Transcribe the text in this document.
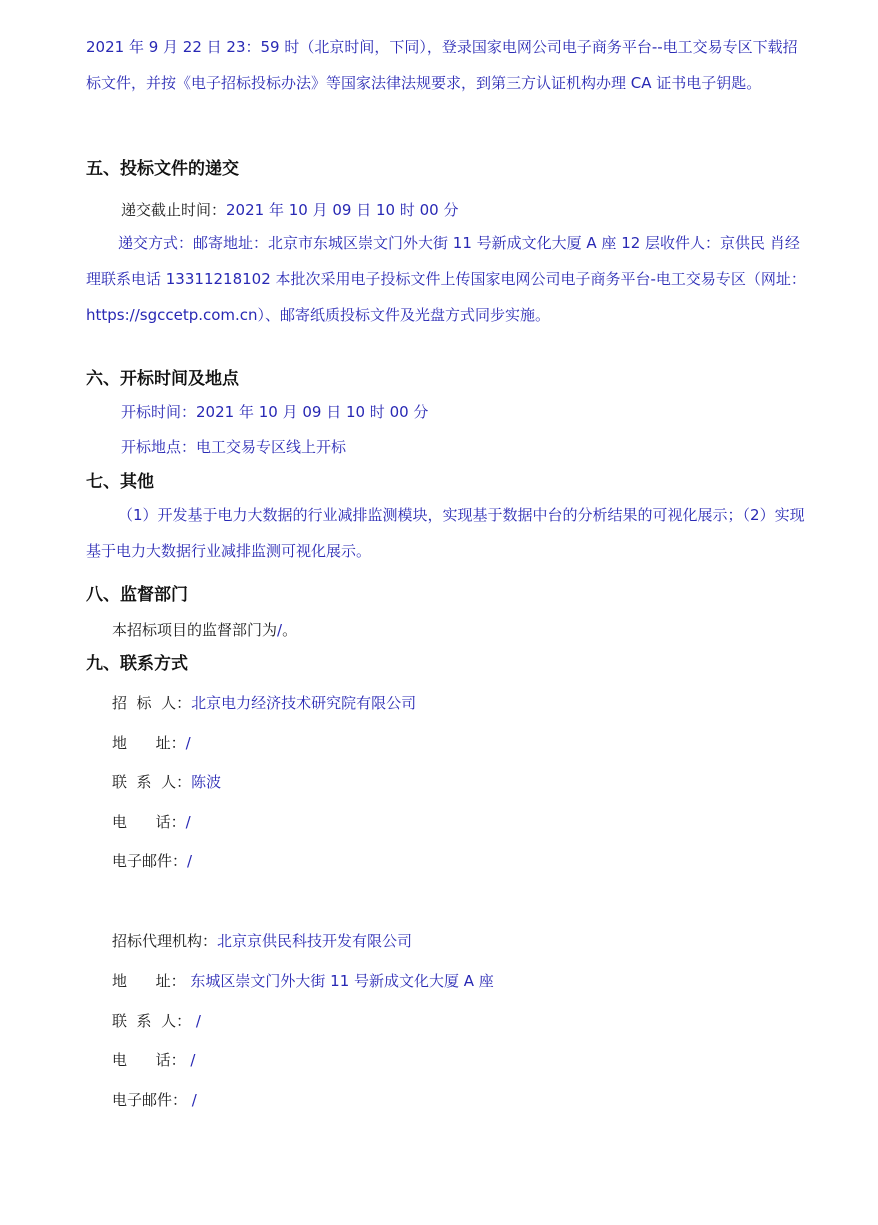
2021 年 9 月 22 日 23：59 时（北京时间，下同），登录国家电网公司电子商务平台--电工交易专区下载招标文件，并按《电子招标投标办法》等国家法律法规要求，到第三方认证机构办理 CA 证书电子钥匙。

五、投标文件的递交
递交截止时间：2021 年 10 月 09 日 10 时 00 分

递交方式：邮寄地址：北京市东城区崇文门外大街 11 号新成文化大厦 A 座 12 层收件人：京供民 肖经理联系电话 13311218102 本批次采用电子投标文件上传国家电网公司电子商务平台-电工交易专区（网址：https://sgccetp.com.cn）、邮寄纸质投标文件及光盘方式同步实施。

六、开标时间及地点
开标时间：2021 年 10 月 09 日 10 时 00 分
开标地点：电工交易专区线上开标
七、其他

（1）开发基于电力大数据的行业减排监测模块，实现基于数据中台的分析结果的可视化展示；（2）实现基于电力大数据行业减排监测可视化展示。

八、监督部门
本招标项目的监督部门为/。
九、联系方式
招  标  人：北京电力经济技术研究院有限公司
地      址：/
联  系  人：陈波
电      话：/
电子邮件：/
招标代理机构：北京京供民科技开发有限公司
地      址： 东城区崇文门外大街 11 号新成文化大厦 A 座
联  系  人： /
电      话： /
电子邮件： /
